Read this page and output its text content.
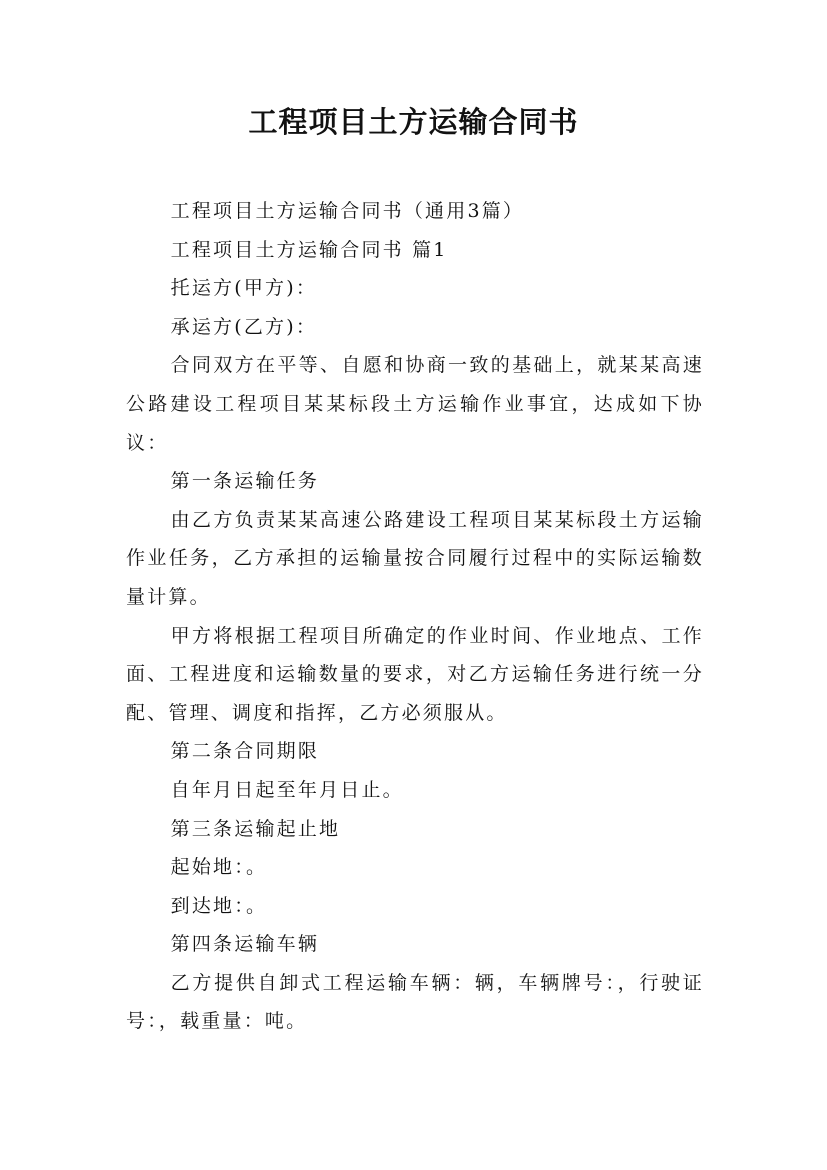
工程项目土方运输合同书

工程项目土方运输合同书（通用3篇）

工程项目土方运输合同书 篇1

托运方(甲方)：

承运方(乙方)：

合同双方在平等、自愿和协商一致的基础上，就某某高速公路建设工程项目某某标段土方运输作业事宜，达成如下协议：

第一条运输任务

由乙方负责某某高速公路建设工程项目某某标段土方运输作业任务，乙方承担的运输量按合同履行过程中的实际运输数量计算。

甲方将根据工程项目所确定的作业时间、作业地点、工作面、工程进度和运输数量的要求，对乙方运输任务进行统一分配、管理、调度和指挥，乙方必须服从。

第二条合同期限

自年月日起至年月日止。

第三条运输起止地

起始地：。

到达地：。

第四条运输车辆

乙方提供自卸式工程运输车辆：辆，车辆牌号：，行驶证号：，载重量：吨。
